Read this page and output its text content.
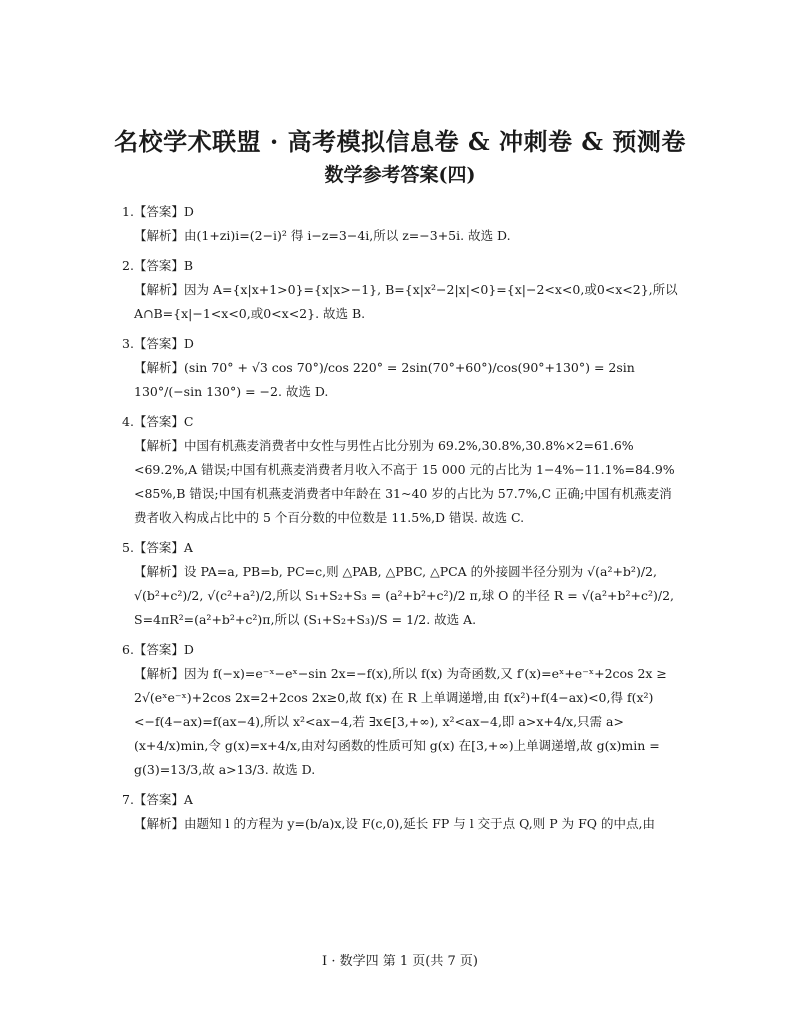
名校学术联盟 · 高考模拟信息卷 & 冲刺卷 & 预测卷
数学参考答案(四)
1.【答案】D
【解析】由(1+zi)i=(2−i)² 得 i−z=3−4i,所以 z=−3+5i. 故选 D.
2.【答案】B
【解析】因为 A={x|x+1>0}={x|x>−1}, B={x|x²−2|x|<0}={x|−2<x<0,或0<x<2},所以 A∩B={x|−1<x<0,或0<x<2}. 故选 B.
3.【答案】D
【解析】(sin 70° + √3 cos 70°)/cos 220° = 2sin(70°+60°)/cos(90°+130°) = 2sin 130°/(−sin 130°) = −2. 故选 D.
4.【答案】C
【解析】中国有机燕麦消费者中女性与男性占比分别为 69.2%,30.8%,30.8%×2=61.6%<69.2%,A 错误;中国有机燕麦消费者月收入不高于 15 000 元的占比为 1−4%−11.1%=84.9%<85%,B 错误;中国有机燕麦消费者中年龄在 31~40 岁的占比为 57.7%,C 正确;中国有机燕麦消费者收入构成占比中的 5 个百分数的中位数是 11.5%,D 错误. 故选 C.
5.【答案】A
【解析】设 PA=a, PB=b, PC=c,则 △PAB, △PBC, △PCA 的外接圆半径分别为 √(a²+b²)/2, √(b²+c²)/2, √(c²+a²)/2,所以 S₁+S₂+S₃ = (a²+b²+c²)/2 π,球 O 的半径 R = √(a²+b²+c²)/2, S=4πR²=(a²+b²+c²)π,所以 (S₁+S₂+S₃)/S = 1/2. 故选 A.
6.【答案】D
【解析】因为 f(−x)=e⁻ˣ−eˣ−sin 2x=−f(x),所以 f(x) 为奇函数,又 f′(x)=eˣ+e⁻ˣ+2cos 2x ≥ 2√(eˣe⁻ˣ)+2cos 2x=2+2cos 2x≥0,故 f(x) 在 R 上单调递增,由 f(x²)+f(4−ax)<0,得 f(x²)<−f(4−ax)=f(ax−4),所以 x²<ax−4,若 ∃x∈[3,+∞), x²<ax−4,即 a>x+4/x,只需 a>(x+4/x)min,令 g(x)=x+4/x,由对勾函数的性质可知 g(x) 在[3,+∞)上单调递增,故 g(x)min = g(3)=13/3,故 a>13/3. 故选 D.
7.【答案】A
【解析】由题知 l 的方程为 y=(b/a)x,设 F(c,0),延长 FP 与 l 交于点 Q,则 P 为 FQ 的中点,由
Ⅰ · 数学四 第 1 页(共 7 页)
